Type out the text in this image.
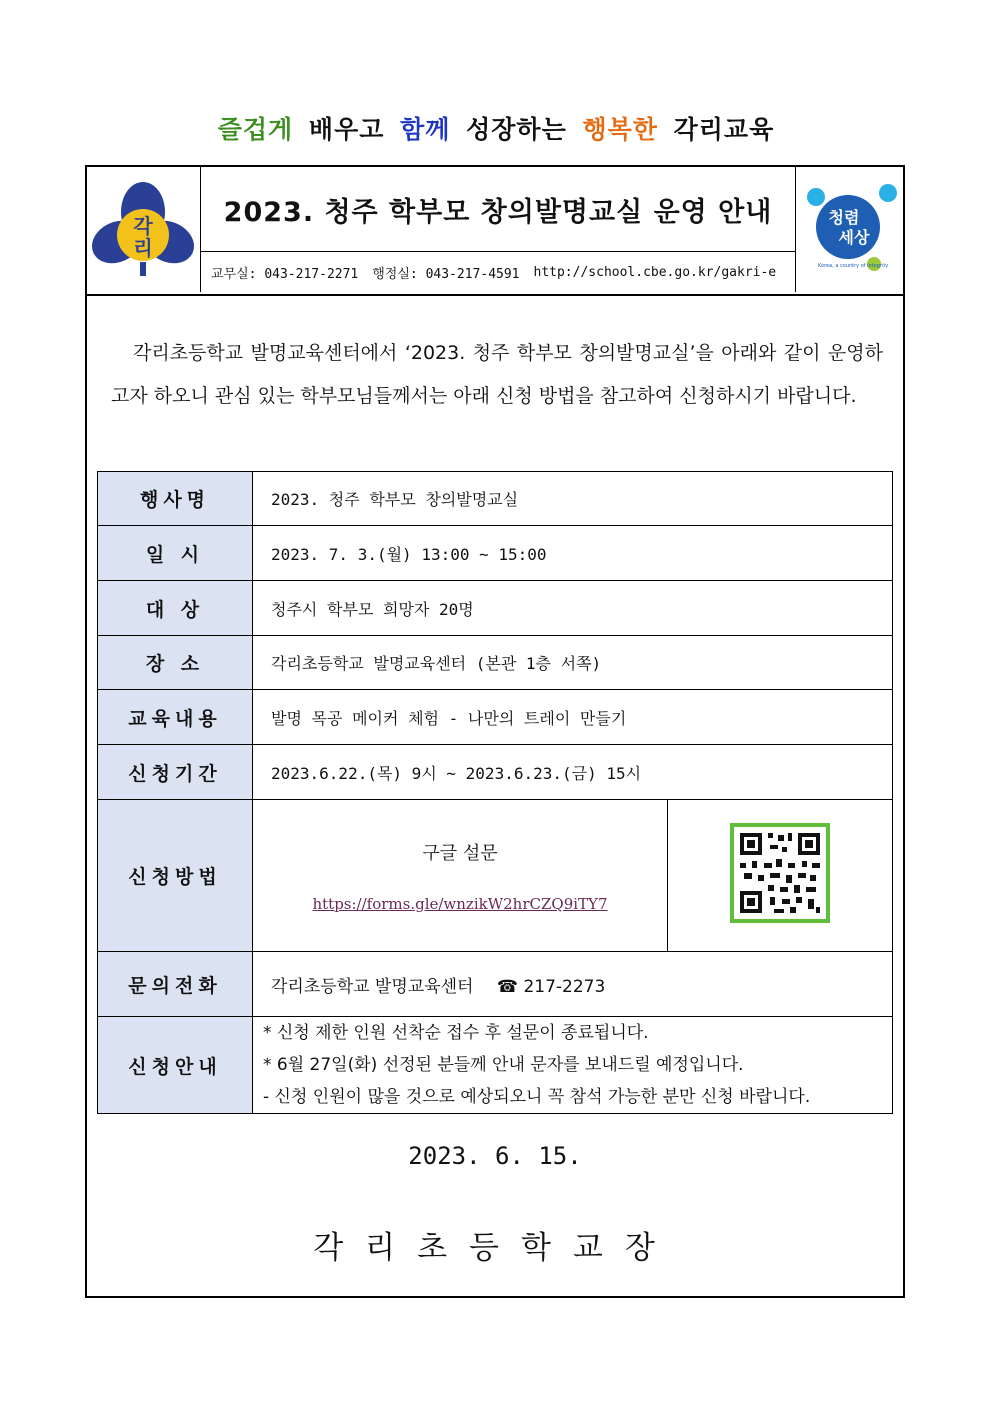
즐겁게 배우고 함께 성장하는 행복한 각리교육
각
리
2023. 청주 학부모 창의발명교실 운영 안내
교무실: 043-217-2271 행정실: 043-217-4591 http://school.cbe.go.kr/gakri-e
청렴
세상
Korea, a country of integrity

각리초등학교 발명교육센터에서 ‘2023. 청주 학부모 창의발명교실’을 아래와 같이 운영하고자 하오니 관심 있는 학부모님들께서는 아래 신청 방법을 참고하여 신청하시기 바랍니다.

행사명	2023. 청주 학부모 창의발명교실	
일 시	2023. 7. 3.(월) 13:00 ~ 15:00	
대 상	청주시 학부모 희망자 20명	
장 소	각리초등학교 발명교육센터 (본관 1층 서쪽)	
교육내용	발명 목공 메이커 체험 - 나만의 트레이 만들기	
신청기간	2023.6.22.(목) 9시 ~ 2023.6.23.(금) 15시	
신청방법	구글 설문
https://forms.gle/wnzikW2hrCZQ9iTY7

문의전화	각리초등학교 발명교육센터 ☎ 217-2273	
신청안내	* 신청 제한 인원 선착순 접수 후 설문이 종료됩니다.
* 6월 27일(화) 선정된 분들께 안내 문자를 보내드릴 예정입니다.
- 신청 인원이 많을 것으로 예상되오니 꼭 참석 가능한 분만 신청 바랍니다.	
2023. 6. 15.
각리초등학교장
